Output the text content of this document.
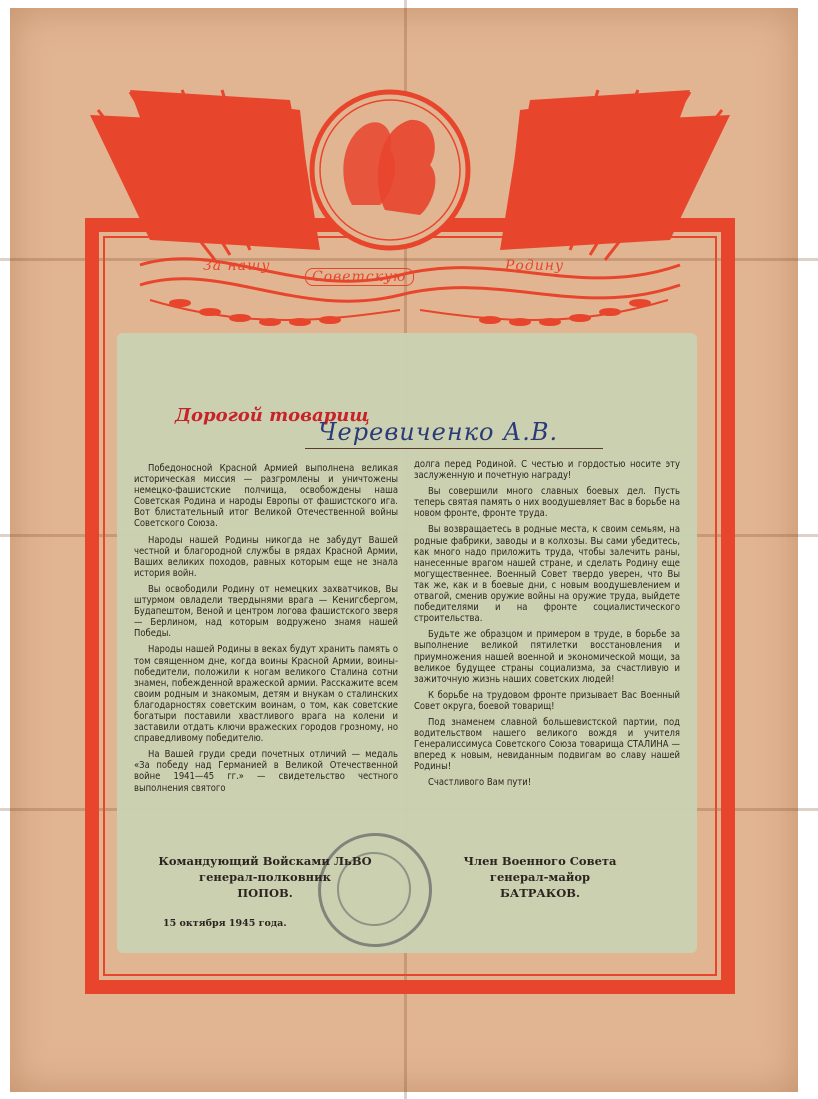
За нашу
Советскую
Родину
Дорогой товарищ
Черевиченко А.В.

Победоносной Красной Армией выполнена великая историческая миссия — разгромлены и уничтожены немецко-фашистские полчища, освобождены наша Советская Родина и народы Европы от фашистского ига. Вот блистательный итог Великой Отечественной войны Советского Союза.

Народы нашей Родины никогда не забудут Вашей честной и благородной службы в рядах Красной Армии, Ваших великих походов, равных которым еще не знала история войн.

Вы освободили Родину от немецких захватчиков, Вы штурмом овладели твердынями врага — Кенигсбергом, Будапештом, Веной и центром логова фашистского зверя — Берлином, над которым водружено знамя нашей Победы.

Народы нашей Родины в веках будут хранить память о том священном дне, когда воины Красной Армии, воины-победители, положили к ногам великого Сталина сотни знамен, побежденной вражеской армии. Расскажите всем своим родным и знакомым, детям и внукам о сталинских благодарностях советским воинам, о том, как советские богатыри поставили хвастливого врага на колени и заставили отдать ключи вражеских городов грозному, но справедливому победителю.

На Вашей груди среди почетных отличий — медаль «За победу над Германией в Великой Отечественной войне 1941—45 гг.» — свидетельство честного выполнения святого

долга перед Родиной. С честью и гордостью носите эту заслуженную и почетную награду!

Вы совершили много славных боевых дел. Пусть теперь святая память о них воодушевляет Вас в борьбе на новом фронте, фронте труда.

Вы возвращаетесь в родные места, к своим семьям, на родные фабрики, заводы и в колхозы. Вы сами убедитесь, как много надо приложить труда, чтобы залечить раны, нанесенные врагом нашей стране, и сделать Родину еще могущественнее. Военный Совет твердо уверен, что Вы так же, как и в боевые дни, с новым воодушевлением и отвагой, сменив оружие войны на оружие труда, выйдете победителями и на фронте социалистического строительства.

Будьте же образцом и примером в труде, в борьбе за выполнение великой пятилетки восстановления и приумножения нашей военной и экономической мощи, за великое будущее страны социализма, за счастливую и зажиточную жизнь наших советских людей!

К борьбе на трудовом фронте призывает Вас Военный Совет округа, боевой товарищ!

Под знаменем славной большевистской партии, под водительством нашего великого вождя и учителя Генералиссимуса Советского Союза товарища СТАЛИНА — вперед к новым, невиданным подвигам во славу нашей Родины!

Счастливого Вам пути!

Командующий Войсками ЛьВО
генерал-полковник
ПОПОВ.
Член Военного Совета
генерал-майор
БАТРАКОВ.
15 октября 1945 года.
